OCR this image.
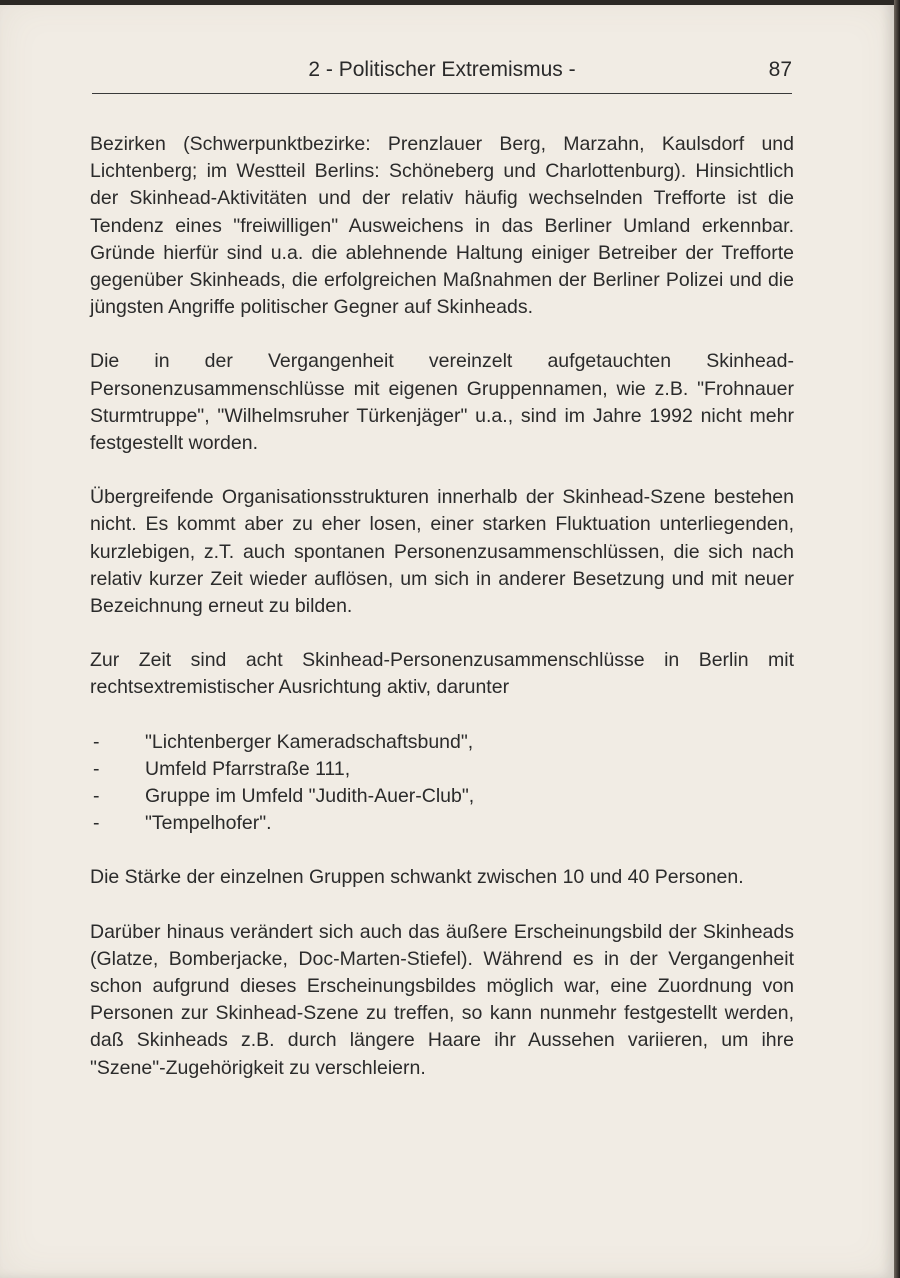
2 - Politischer Extremismus -	87

Bezirken (Schwerpunktbezirke: Prenzlauer Berg, Marzahn, Kaulsdorf und Lichtenberg; im Westteil Berlins: Schöneberg und Charlottenburg). Hinsichtlich der Skinhead-Aktivitäten und der relativ häufig wechselnden Trefforte ist die Tendenz eines "freiwilligen" Ausweichens in das Berliner Umland erkennbar. Gründe hierfür sind u.a. die ablehnende Haltung einiger Betreiber der Trefforte gegenüber Skinheads, die erfolgreichen Maßnahmen der Berliner Polizei und die jüngsten Angriffe politischer Gegner auf Skinheads.

Die in der Vergangenheit vereinzelt aufgetauchten Skinhead-Personenzusammenschlüsse mit eigenen Gruppennamen, wie z.B. "Frohnauer Sturmtruppe", "Wilhelmsruher Türkenjäger" u.a., sind im Jahre 1992 nicht mehr festgestellt worden.

Übergreifende Organisationsstrukturen innerhalb der Skinhead-Szene bestehen nicht. Es kommt aber zu eher losen, einer starken Fluktuation unterliegenden, kurzlebigen, z.T. auch spontanen Personenzusammenschlüssen, die sich nach relativ kurzer Zeit wieder auflösen, um sich in anderer Besetzung und mit neuer Bezeichnung erneut zu bilden.

Zur Zeit sind acht Skinhead-Personenzusammenschlüsse in Berlin mit rechtsextremistischer Ausrichtung aktiv, darunter

- "Lichtenberger Kameradschaftsbund",
- Umfeld Pfarrstraße 111,
- Gruppe im Umfeld "Judith-Auer-Club",
- "Tempelhofer".

Die Stärke der einzelnen Gruppen schwankt zwischen 10 und 40 Personen.

Darüber hinaus verändert sich auch das äußere Erscheinungsbild der Skinheads (Glatze, Bomberjacke, Doc-Marten-Stiefel). Während es in der Vergangenheit schon aufgrund dieses Erscheinungsbildes möglich war, eine Zuordnung von Personen zur Skinhead-Szene zu treffen, so kann nunmehr festgestellt werden, daß Skinheads z.B. durch längere Haare ihr Aussehen variieren, um ihre "Szene"-Zugehörigkeit zu verschleiern.
